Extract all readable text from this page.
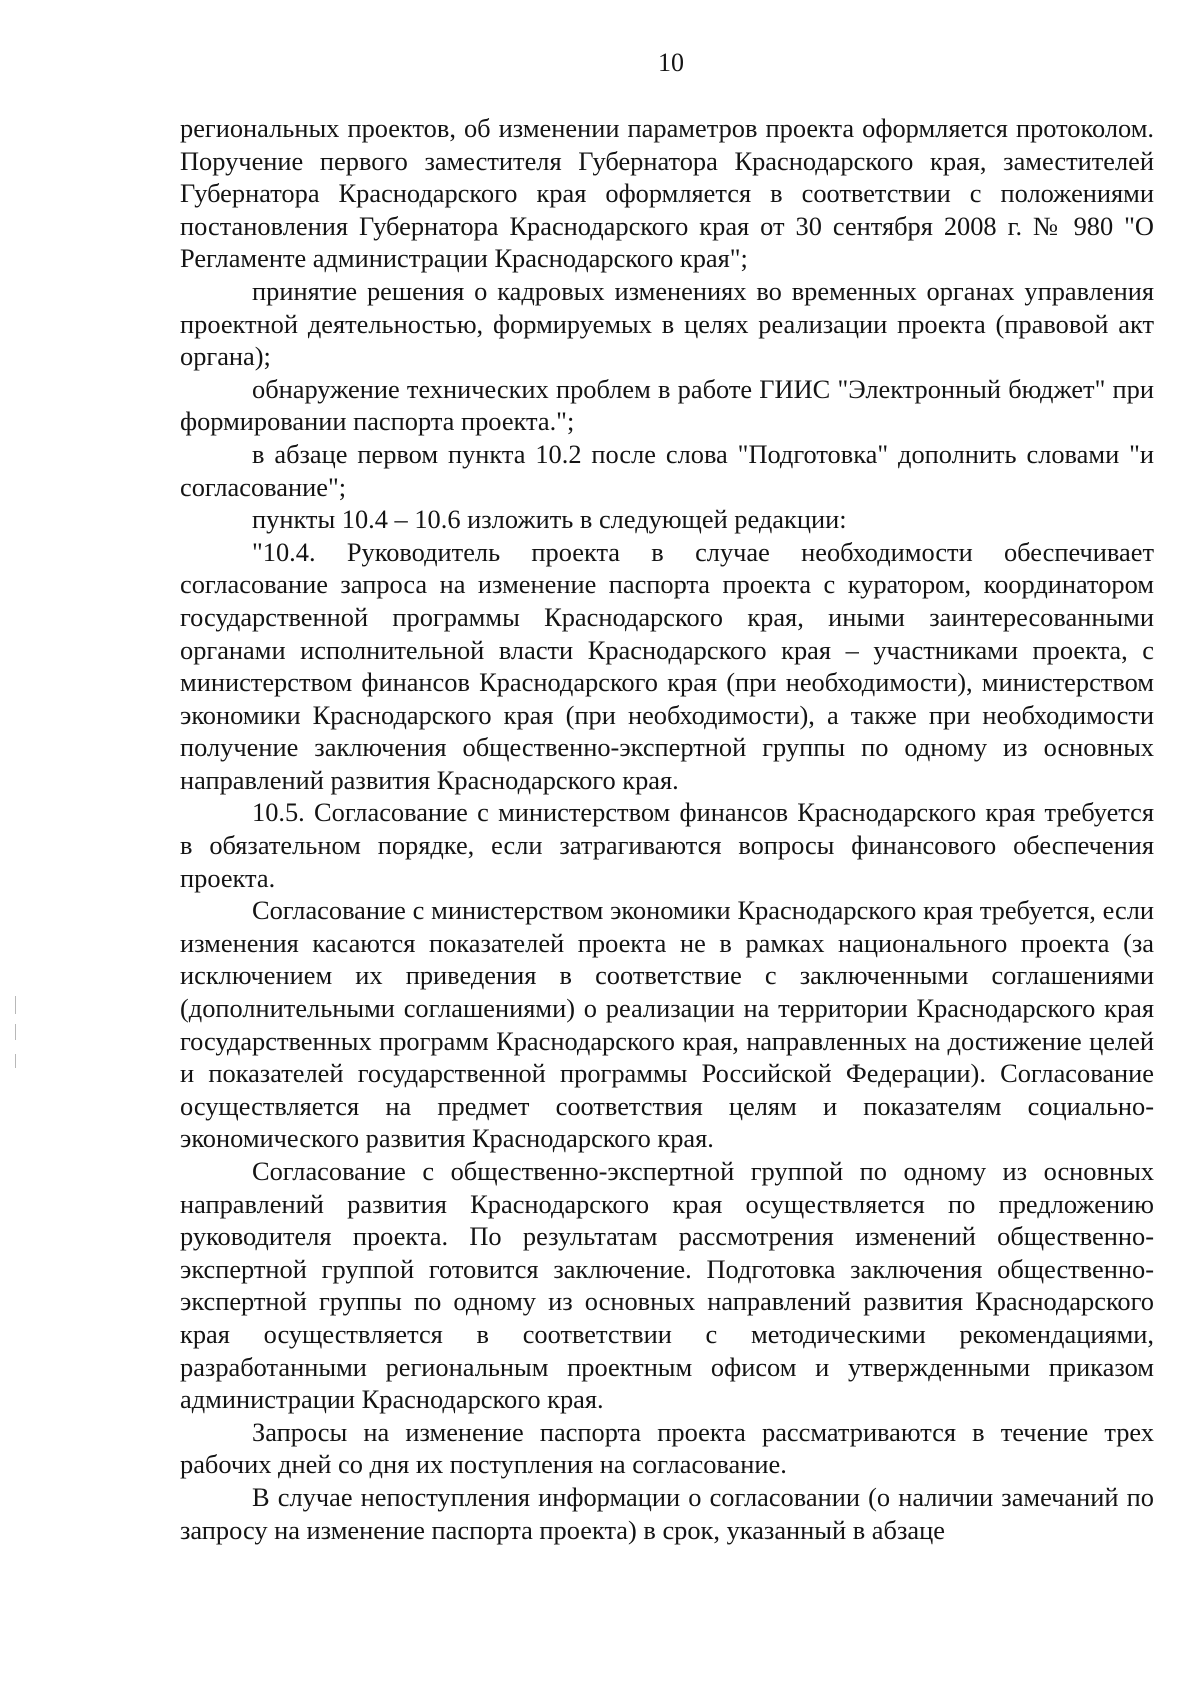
10

региональных проектов, об изменении параметров проекта оформляется протоколом. Поручение первого заместителя Губернатора Краснодарского края, заместителей Губернатора Краснодарского края оформляется в соответствии с положениями постановления Губернатора Краснодарского края от 30 сентября 2008 г. № 980 "О Регламенте администрации Краснодарского края";

принятие решения о кадровых изменениях во временных органах управления проектной деятельностью, формируемых в целях реализации проекта (правовой акт органа);

обнаружение технических проблем в работе ГИИС "Электронный бюджет" при формировании паспорта проекта.";

в абзаце первом пункта 10.2 после слова "Подготовка" дополнить словами "и согласование";

пункты 10.4 – 10.6 изложить в следующей редакции:

"10.4. Руководитель проекта в случае необходимости обеспечивает согласование запроса на изменение паспорта проекта с куратором, координатором государственной программы Краснодарского края, иными заинтересованными органами исполнительной власти Краснодарского края – участниками проекта, с министерством финансов Краснодарского края (при необходимости), министерством экономики Краснодарского края (при необходимости), а также при необходимости получение заключения общественно-экспертной группы по одному из основных направлений развития Краснодарского края.

10.5. Согласование с министерством финансов Краснодарского края требуется в обязательном порядке, если затрагиваются вопросы финансового обеспечения проекта.

Согласование с министерством экономики Краснодарского края требуется, если изменения касаются показателей проекта не в рамках национального проекта (за исключением их приведения в соответствие с заключенными соглашениями (дополнительными соглашениями) о реализации на территории Краснодарского края государственных программ Краснодарского края, направленных на достижение целей и показателей государственной программы Российской Федерации). Согласование осуществляется на предмет соответствия целям и показателям социально-экономического развития Краснодарского края.

Согласование с общественно-экспертной группой по одному из основных направлений развития Краснодарского края осуществляется по предложению руководителя проекта. По результатам рассмотрения изменений общественно-экспертной группой готовится заключение. Подготовка заключения общественно-экспертной группы по одному из основных направлений развития Краснодарского края осуществляется в соответствии с методическими рекомендациями, разработанными региональным проектным офисом и утвержденными приказом администрации Краснодарского края.

Запросы на изменение паспорта проекта рассматриваются в течение трех рабочих дней со дня их поступления на согласование.

В случае непоступления информации о согласовании (о наличии замечаний по запросу на изменение паспорта проекта) в срок, указанный в абзаце
